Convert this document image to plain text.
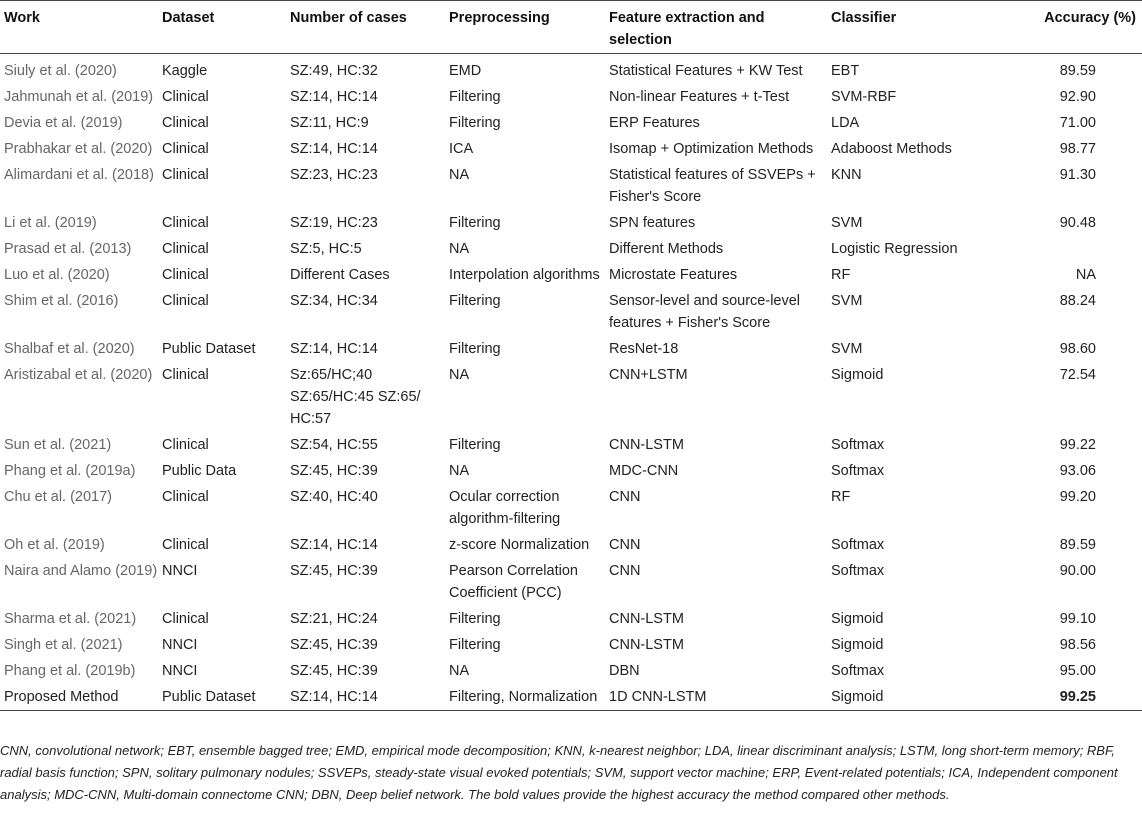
Work	Dataset	Number of cases	Preprocessing	Feature extraction and selection	Classifier	Accuracy (%)
Siuly et al. (2020)	Kaggle	SZ:49, HC:32	EMD	Statistical Features + KW Test	EBT	89.59
Jahmunah et al. (2019)	Clinical	SZ:14, HC:14	Filtering	Non-linear Features + t-Test	SVM-RBF	92.90
Devia et al. (2019)	Clinical	SZ:11, HC:9	Filtering	ERP Features	LDA	71.00
Prabhakar et al. (2020)	Clinical	SZ:14, HC:14	ICA	Isomap + Optimization Methods	Adaboost Methods	98.77
Alimardani et al. (2018)	Clinical	SZ:23, HC:23	NA	Statistical features of SSVEPs + Fisher's Score	KNN	91.30
Li et al. (2019)	Clinical	SZ:19, HC:23	Filtering	SPN features	SVM	90.48
Prasad et al. (2013)	Clinical	SZ:5, HC:5	NA	Different Methods	Logistic Regression	
Luo et al. (2020)	Clinical	Different Cases	Interpolation algorithms	Microstate Features	RF	NA
Shim et al. (2016)	Clinical	SZ:34, HC:34	Filtering	Sensor-level and source-level features + Fisher's Score	SVM	88.24
Shalbaf et al. (2020)	Public Dataset	SZ:14, HC:14	Filtering	ResNet-18	SVM	98.60
Aristizabal et al. (2020)	Clinical	Sz:65/HC;40 SZ:65/HC:45 SZ:65/ HC:57	NA	CNN+LSTM	Sigmoid	72.54
Sun et al. (2021)	Clinical	SZ:54, HC:55	Filtering	CNN-LSTM	Softmax	99.22
Phang et al. (2019a)	Public Data	SZ:45, HC:39	NA	MDC-CNN	Softmax	93.06
Chu et al. (2017)	Clinical	SZ:40, HC:40	Ocular correction algorithm-filtering	CNN	RF	99.20
Oh et al. (2019)	Clinical	SZ:14, HC:14	z-score Normalization	CNN	Softmax	89.59
Naira and Alamo (2019)	NNCI	SZ:45, HC:39	Pearson Correlation Coefficient (PCC)	CNN	Softmax	90.00
Sharma et al. (2021)	Clinical	SZ:21, HC:24	Filtering	CNN-LSTM	Sigmoid	99.10
Singh et al. (2021)	NNCI	SZ:45, HC:39	Filtering	CNN-LSTM	Sigmoid	98.56
Phang et al. (2019b)	NNCI	SZ:45, HC:39	NA	DBN	Softmax	95.00
Proposed Method	Public Dataset	SZ:14, HC:14	Filtering, Normalization	1D CNN-LSTM	Sigmoid	99.25
CNN, convolutional network; EBT, ensemble bagged tree; EMD, empirical mode decomposition; KNN, k-nearest neighbor; LDA, linear discriminant analysis; LSTM, long short-term memory; RBF, radial basis function; SPN, solitary pulmonary nodules; SSVEPs, steady-state visual evoked potentials; SVM, support vector machine; ERP, Event-related potentials; ICA, Independent component analysis; MDC-CNN, Multi-domain connectome CNN; DBN, Deep belief network. The bold values provide the highest accuracy the method compared other methods.
